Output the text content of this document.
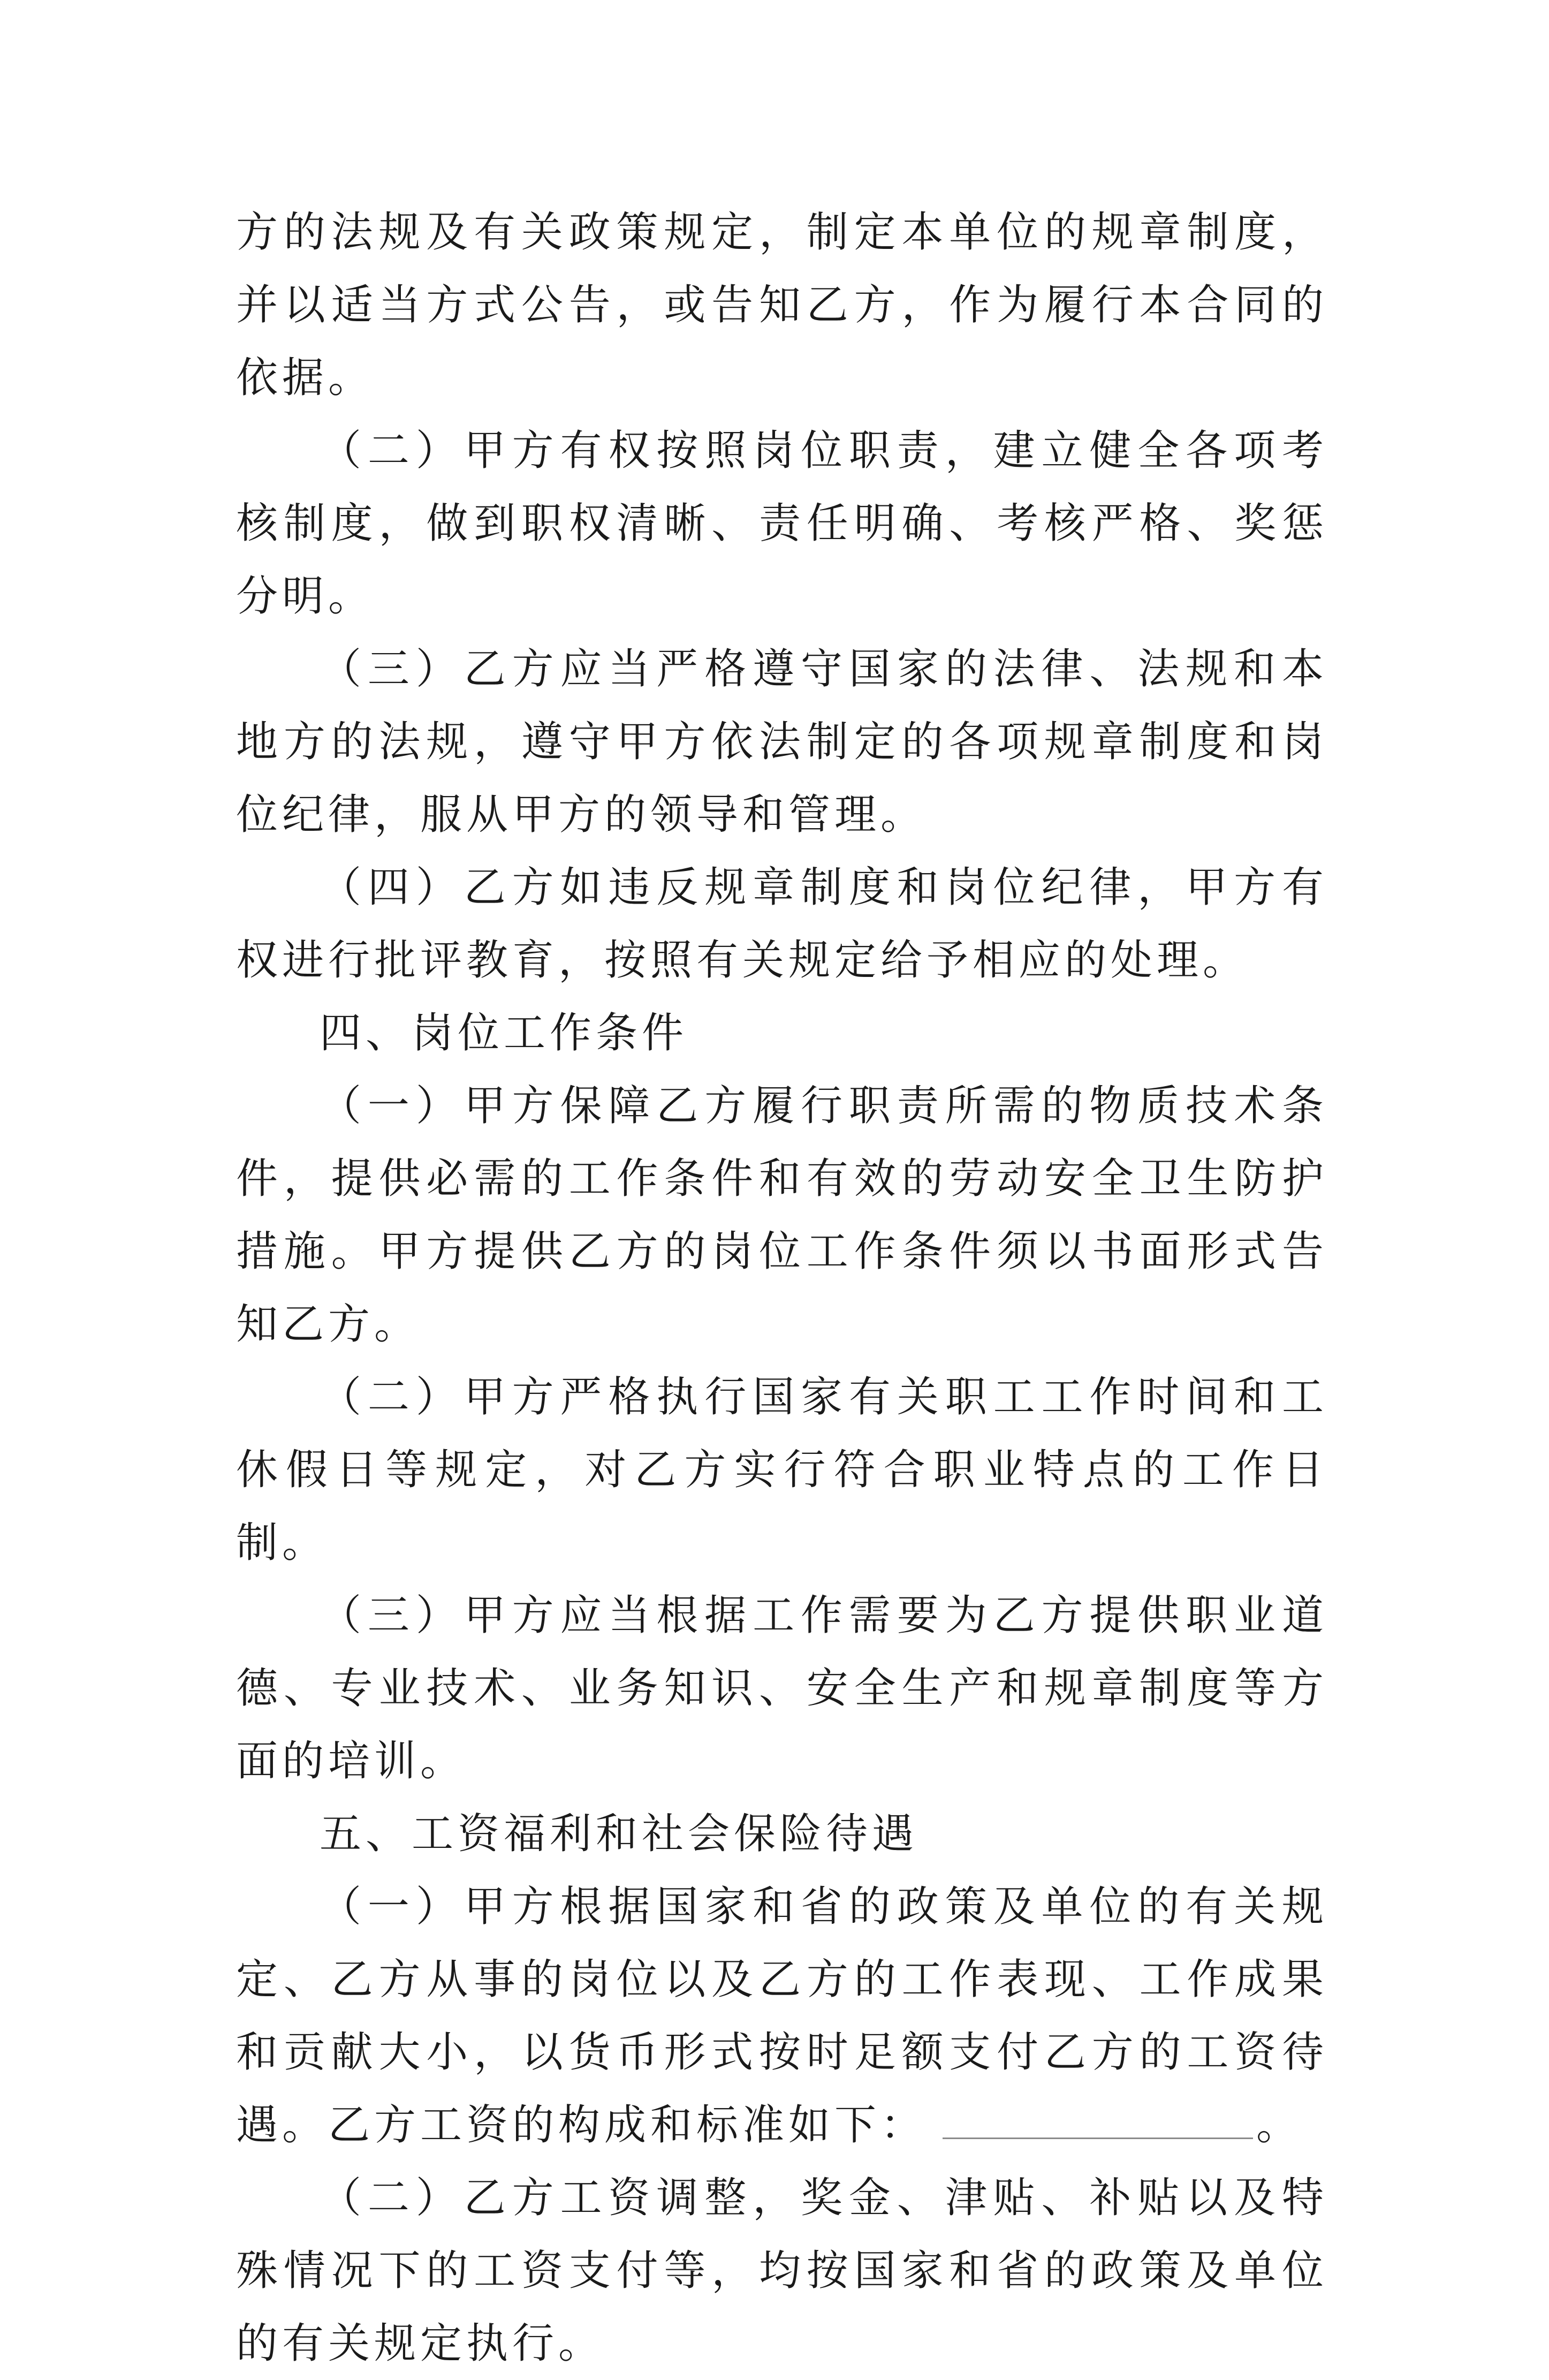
方的法规及有关政策规定，制定本单位的规章制度，并以适当方式公告，或告知乙方，作为履行本合同的依据。

（二）甲方有权按照岗位职责，建立健全各项考核制度，做到职权清晰、责任明确、考核严格、奖惩分明。

（三）乙方应当严格遵守国家的法律、法规和本地方的法规，遵守甲方依法制定的各项规章制度和岗位纪律，服从甲方的领导和管理。

（四）乙方如违反规章制度和岗位纪律，甲方有权进行批评教育，按照有关规定给予相应的处理。

四、岗位工作条件

（一）甲方保障乙方履行职责所需的物质技术条件，提供必需的工作条件和有效的劳动安全卫生防护措施。甲方提供乙方的岗位工作条件须以书面形式告知乙方。

（二）甲方严格执行国家有关职工工作时间和工休假日等规定，对乙方实行符合职业特点的工作日制。

（三）甲方应当根据工作需要为乙方提供职业道德、专业技术、业务知识、安全生产和规章制度等方面的培训。

五、工资福利和社会保险待遇

（一）甲方根据国家和省的政策及单位的有关规定、乙方从事的岗位以及乙方的工作表现、工作成果和贡献大小，以货币形式按时足额支付乙方的工资待遇。乙方工资的构成和标准如下：	。

（二）乙方工资调整，奖金、津贴、补贴以及特殊情况下的工资支付等，均按国家和省的政策及单位的有关规定执行。
